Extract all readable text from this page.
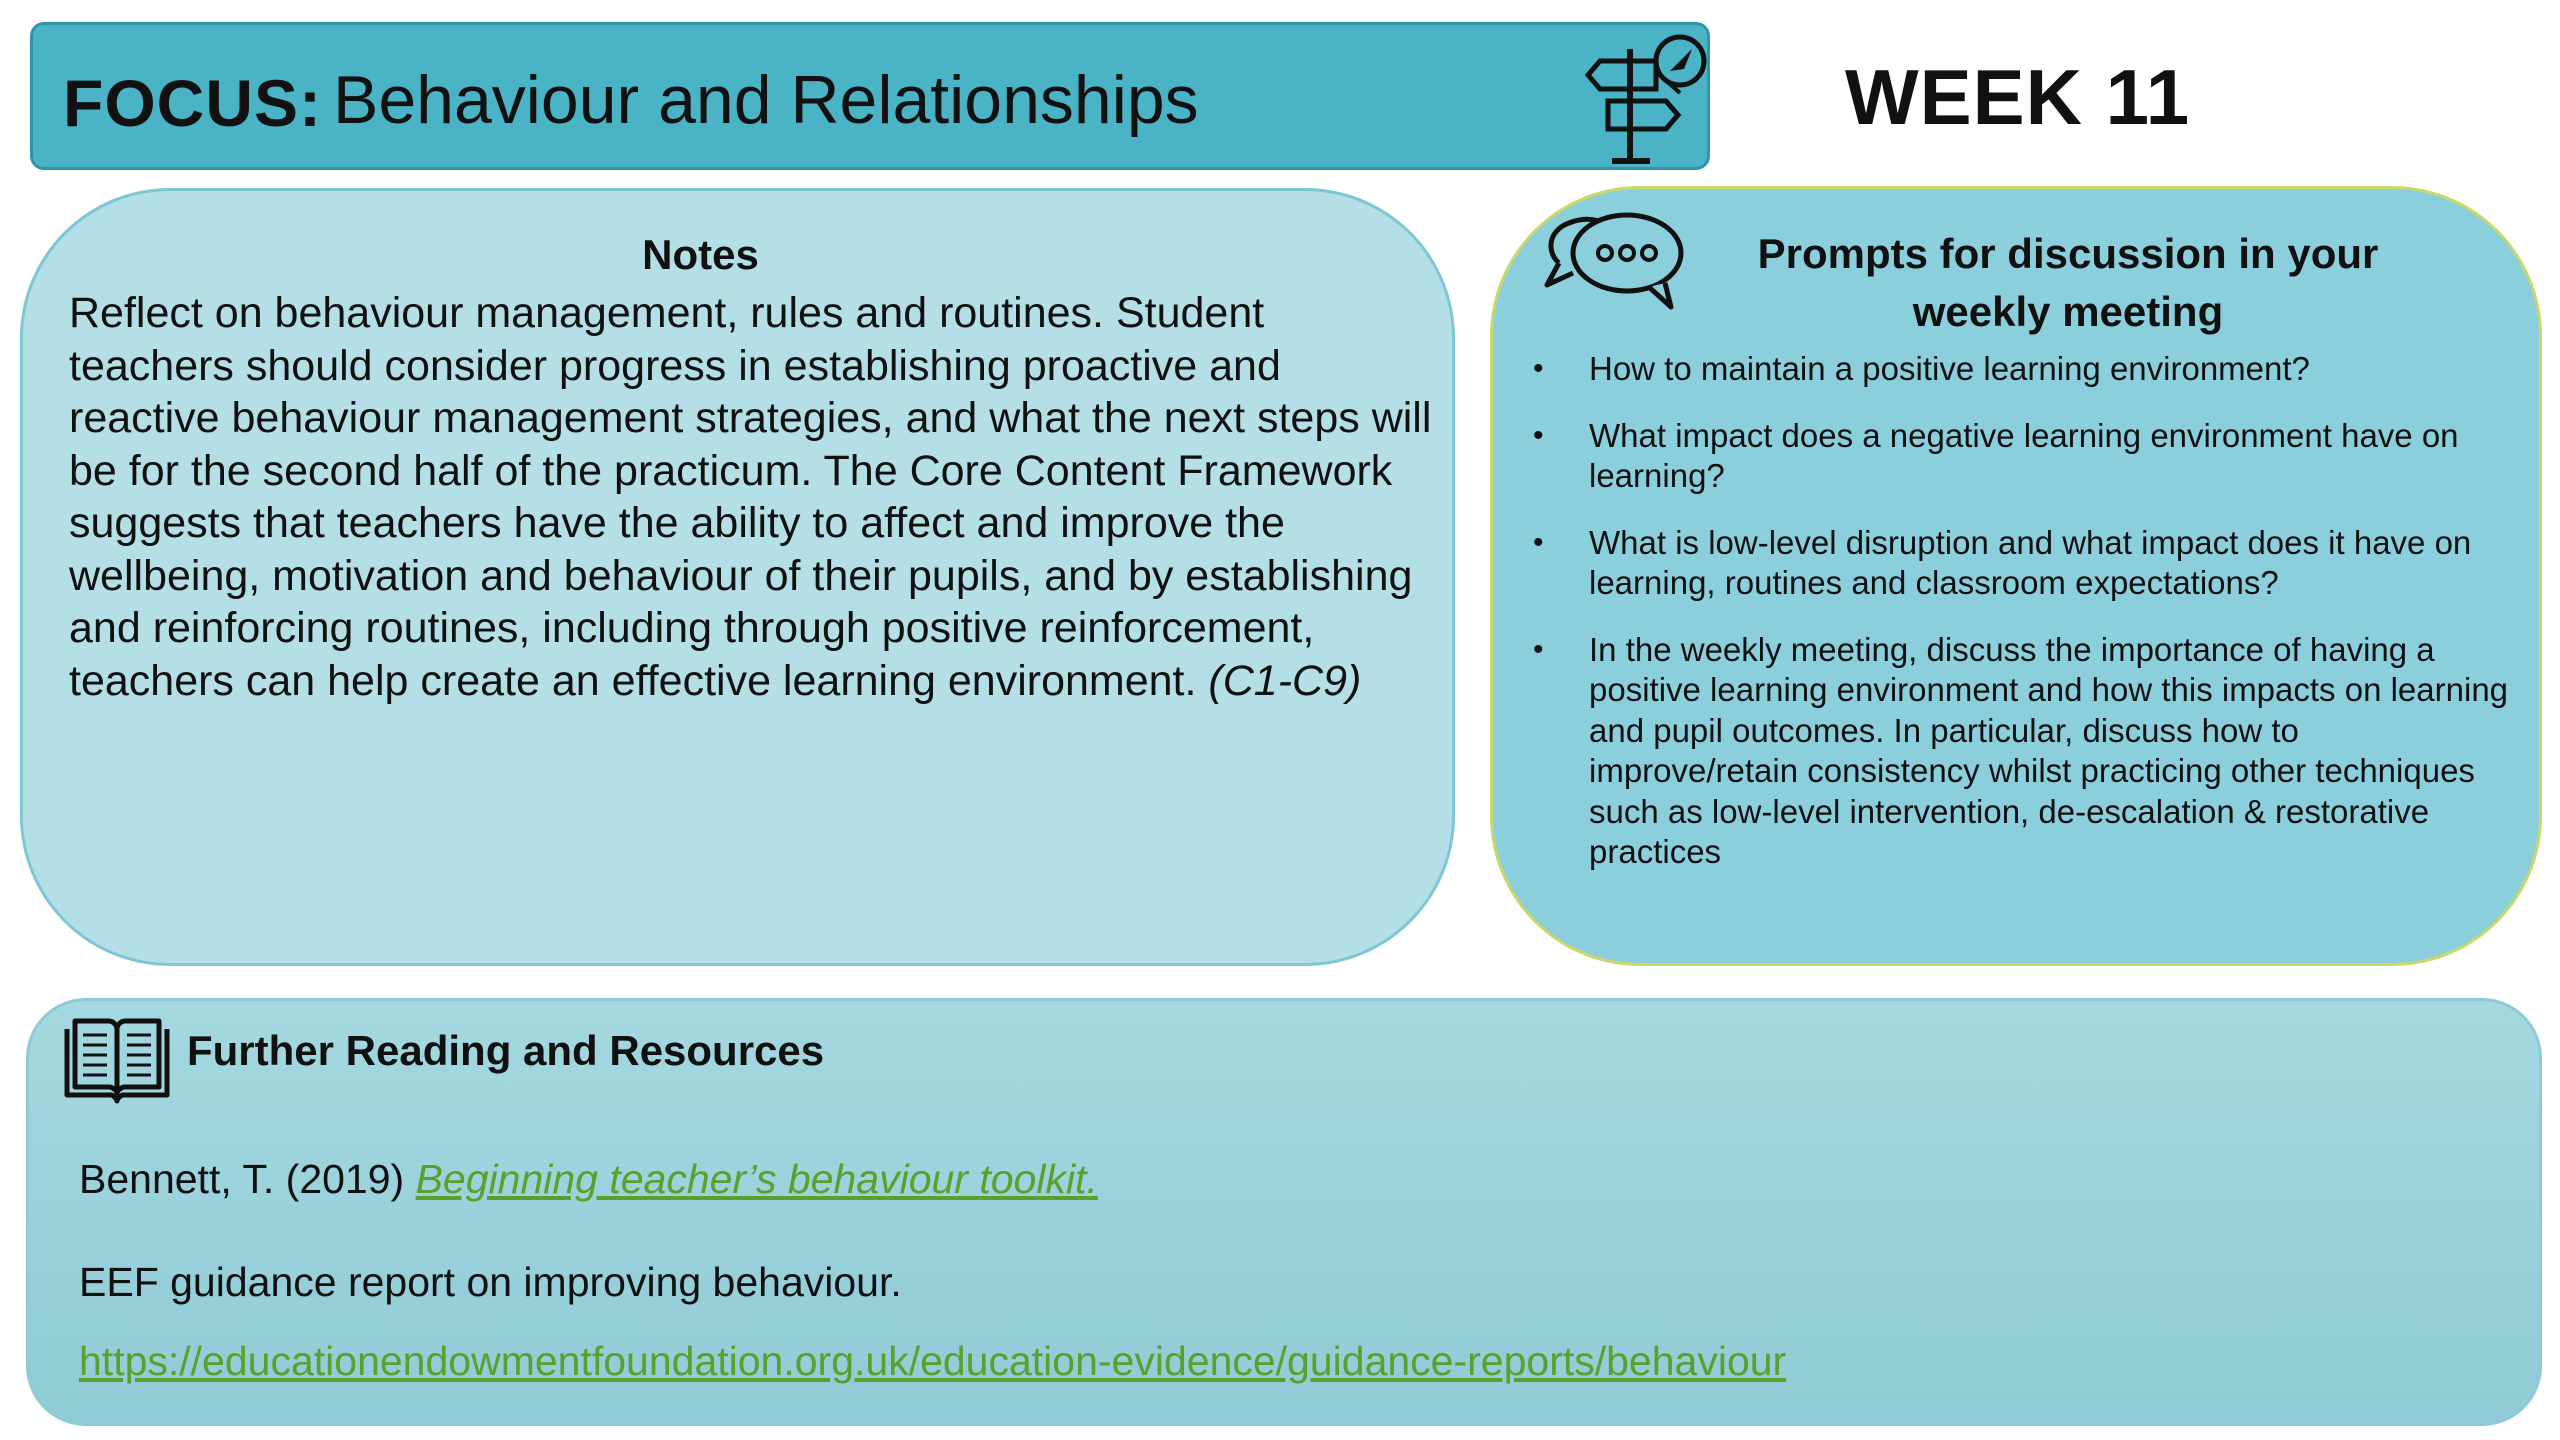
FOCUS: Behaviour and Relationships	WEEK 11
Notes
Reflect on behaviour management, rules and routines. Student teachers should consider progress in establishing proactive and reactive behaviour management strategies, and what the next steps will be for the second half of the practicum. The Core Content Framework suggests that teachers have the ability to affect and improve the wellbeing, motivation and behaviour of their pupils, and by establishing and reinforcing routines, including through positive reinforcement, teachers can help create an effective learning environment. (C1-C9)
Prompts for discussion in your weekly meeting
• How to maintain a positive learning environment?
• What impact does a negative learning environment have on learning?
• What is low-level disruption and what impact does it have on learning, routines and classroom expectations?
• In the weekly meeting, discuss the importance of having a positive learning environment and how this impacts on learning and pupil outcomes. In particular, discuss how to improve/retain consistency whilst practicing other techniques such as low-level intervention, de-escalation & restorative practices
Further Reading and Resources
Bennett, T. (2019) Beginning teacher’s behaviour toolkit.
EEF guidance report on improving behaviour.
https://educationendowmentfoundation.org.uk/education-evidence/guidance-reports/behaviour
